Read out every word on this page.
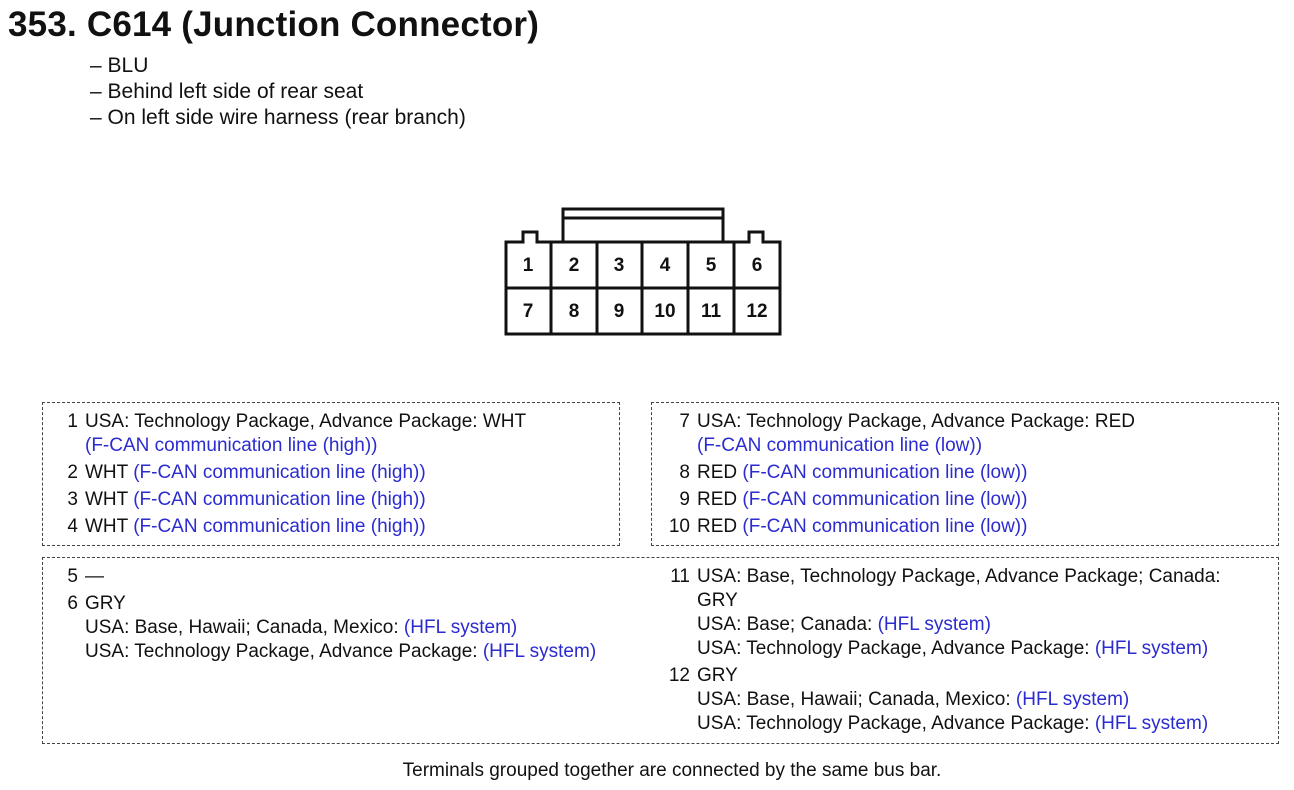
353. C614 (Junction Connector)
– BLU
– Behind left side of rear seat
– On left side wire harness (rear branch)
1 2 3 4 5 6
7 8 9 10 11 12
1 USA: Technology Package, Advance Package: WHT
(F-CAN communication line (high))
2 WHT (F-CAN communication line (high))
3 WHT (F-CAN communication line (high))
4 WHT (F-CAN communication line (high))
7 USA: Technology Package, Advance Package: RED
(F-CAN communication line (low))
8 RED (F-CAN communication line (low))
9 RED (F-CAN communication line (low))
10 RED (F-CAN communication line (low))
5 —
6 GRY
USA: Base, Hawaii; Canada, Mexico: (HFL system)
USA: Technology Package, Advance Package: (HFL system)
11 USA: Base, Technology Package, Advance Package; Canada:
GRY
USA: Base; Canada: (HFL system)
USA: Technology Package, Advance Package: (HFL system)
12 GRY
USA: Base, Hawaii; Canada, Mexico: (HFL system)
USA: Technology Package, Advance Package: (HFL system)
Terminals grouped together are connected by the same bus bar.
